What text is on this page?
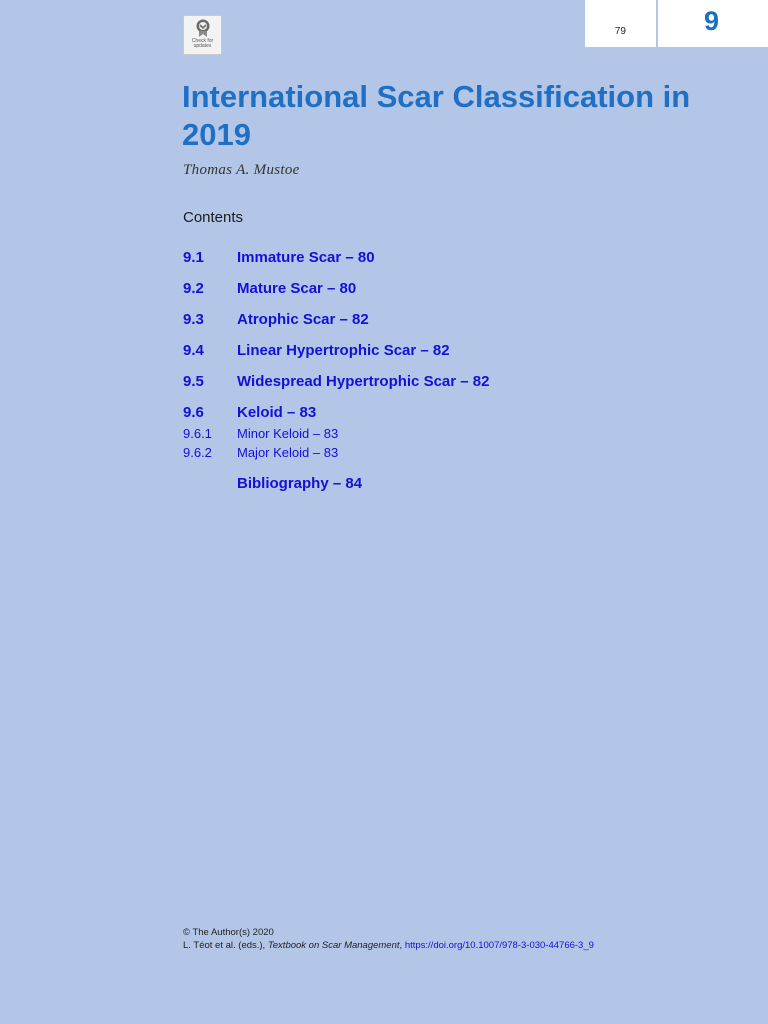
Check for updates
79	9
International Scar Classification in 2019
Thomas A. Mustoe
Contents
9.1 Immature Scar – 80
9.2 Mature Scar – 80
9.3 Atrophic Scar – 82
9.4 Linear Hypertrophic Scar – 82
9.5 Widespread Hypertrophic Scar – 82
9.6 Keloid – 83
9.6.1 Minor Keloid – 83
9.6.2 Major Keloid – 83
Bibliography – 84
© The Author(s) 2020
L. Téot et al. (eds.), Textbook on Scar Management, https://doi.org/10.1007/978-3-030-44766-3_9
